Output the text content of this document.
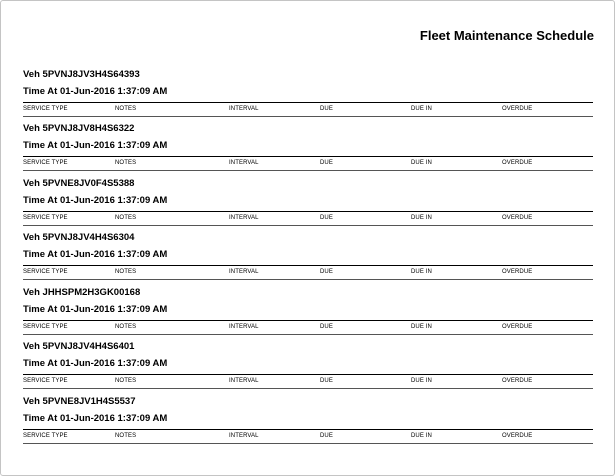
Fleet Maintenance Schedule
Veh 5PVNJ8JV3H4S64393
Time At 01-Jun-2016 1:37:09 AM
SERVICE TYPE	NOTES	INTERVAL	DUE	DUE IN	OVERDUE
Veh 5PVNJ8JV8H4S6322
Time At 01-Jun-2016 1:37:09 AM
SERVICE TYPE	NOTES	INTERVAL	DUE	DUE IN	OVERDUE
Veh 5PVNE8JV0F4S5388
Time At 01-Jun-2016 1:37:09 AM
SERVICE TYPE	NOTES	INTERVAL	DUE	DUE IN	OVERDUE
Veh 5PVNJ8JV4H4S6304
Time At 01-Jun-2016 1:37:09 AM
SERVICE TYPE	NOTES	INTERVAL	DUE	DUE IN	OVERDUE
Veh JHHSPM2H3GK00168
Time At 01-Jun-2016 1:37:09 AM
SERVICE TYPE	NOTES	INTERVAL	DUE	DUE IN	OVERDUE
Veh 5PVNJ8JV4H4S6401
Time At 01-Jun-2016 1:37:09 AM
SERVICE TYPE	NOTES	INTERVAL	DUE	DUE IN	OVERDUE
Veh 5PVNE8JV1H4S5537
Time At 01-Jun-2016 1:37:09 AM
SERVICE TYPE	NOTES	INTERVAL	DUE	DUE IN	OVERDUE
